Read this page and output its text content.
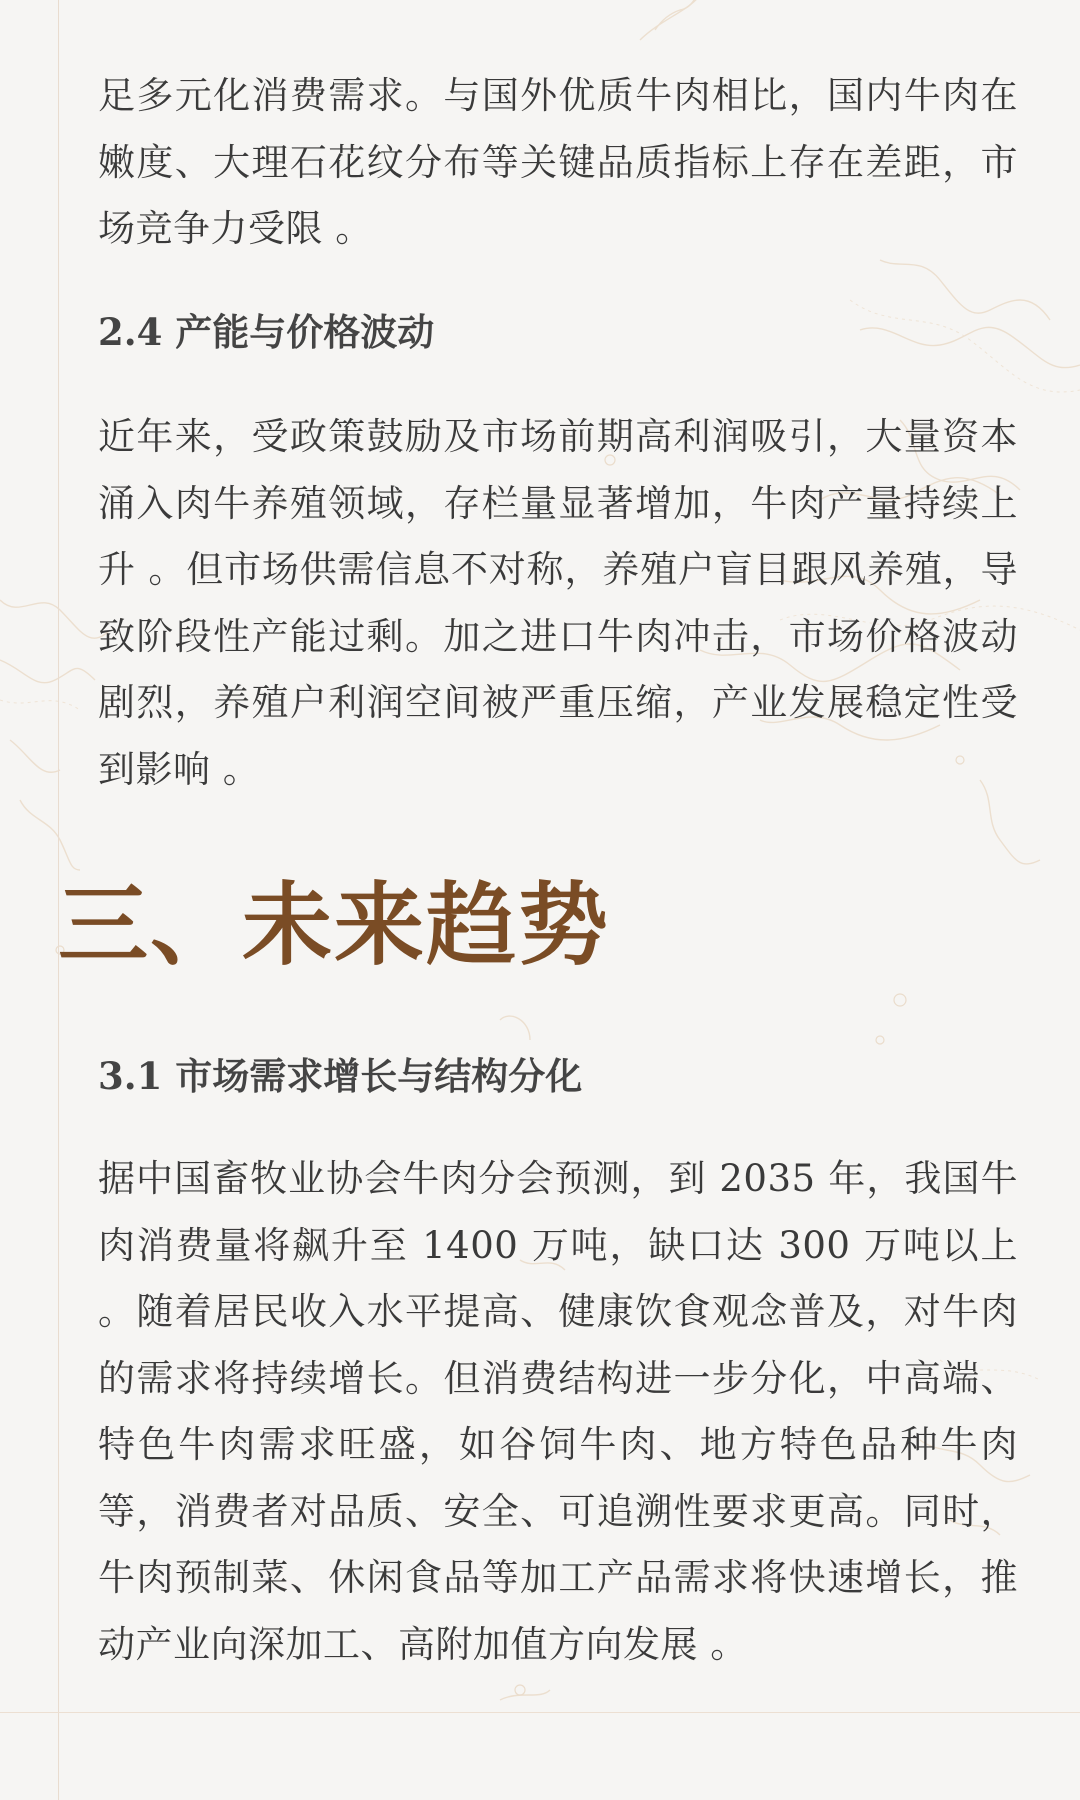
足多元化消费需求。与国外优质牛肉相比，国内牛肉在嫩度、大理石花纹分布等关键品质指标上存在差距，市场竞争力受限 。

2.4 产能与价格波动

近年来，受政策鼓励及市场前期高利润吸引，大量资本涌入肉牛养殖领域，存栏量显著增加，牛肉产量持续上升 。但市场供需信息不对称，养殖户盲目跟风养殖，导致阶段性产能过剩。加之进口牛肉冲击，市场价格波动剧烈，养殖户利润空间被严重压缩，产业发展稳定性受到影响 。

三、未来趋势
3.1 市场需求增长与结构分化

据中国畜牧业协会牛肉分会预测，到 2035 年，我国牛肉消费量将飙升至 1400 万吨，缺口达 300 万吨以上 。随着居民收入水平提高、健康饮食观念普及，对牛肉的需求将持续增长。但消费结构进一步分化，中高端、特色牛肉需求旺盛，如谷饲牛肉、地方特色品种牛肉等，消费者对品质、安全、可追溯性要求更高。同时，牛肉预制菜、休闲食品等加工产品需求将快速增长，推动产业向深加工、高附加值方向发展 。
